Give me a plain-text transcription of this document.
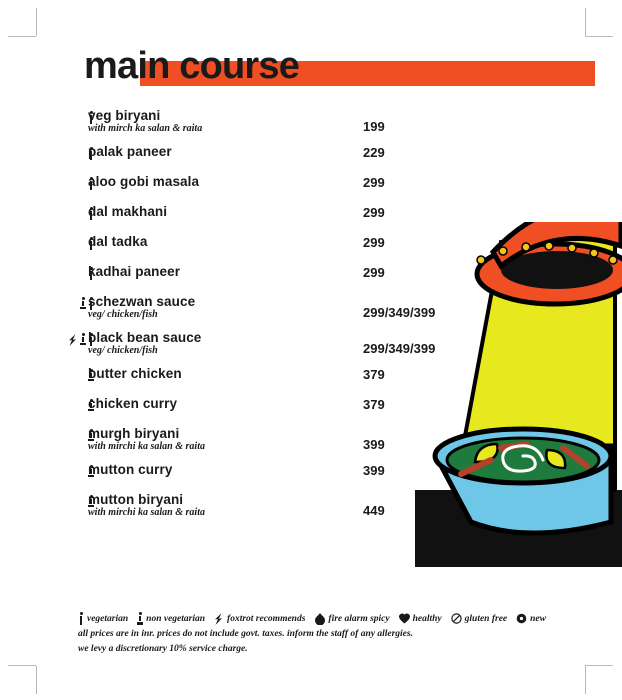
main course
veg biryani
with mirch ka salan & raita	199
palak paneer	229
aloo gobi masala	299
dal makhani	299
dal tadka	299
kadhai paneer	299
schezwan sauce
veg/ chicken/fish	299/349/399
black bean sauce
veg/ chicken/fish	299/349/399
butter chicken	379
chicken curry	379
murgh biryani
with mirchi ka salan & raita	399
mutton curry	399
mutton biryani
with mirchi ka salan & raita	449
vegetarian non vegetarian foxtrot recommends fire alarm spicy healthy gluten free new
all prices are in inr. prices do not include govt. taxes. inform the staff of any allergies.
we levy a discretionary 10% service charge.
